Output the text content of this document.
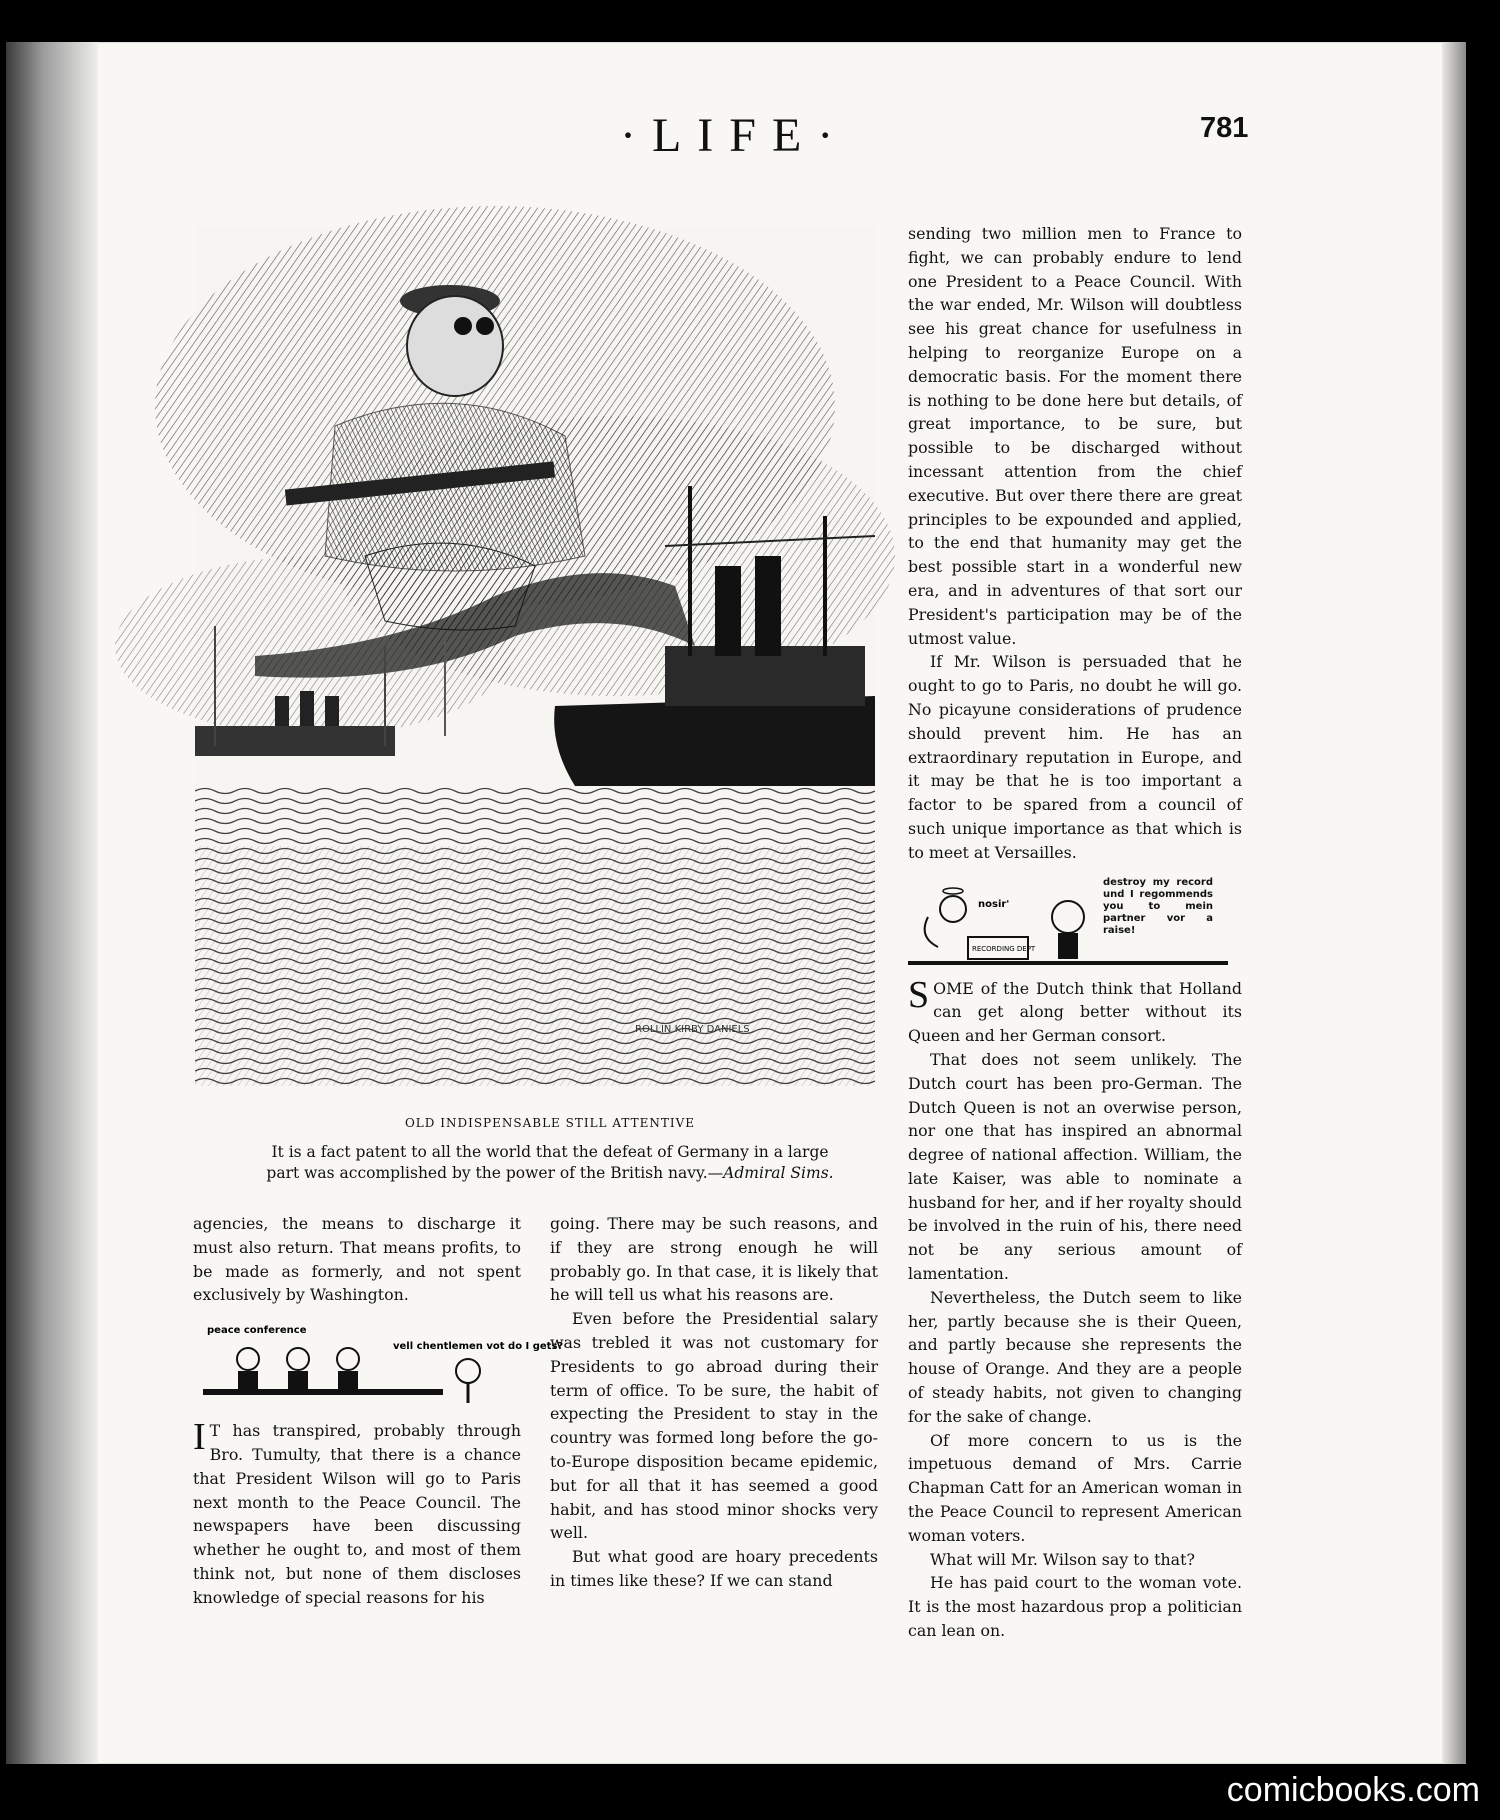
·LIFE·	781
ROLLIN KIRBY DANIELS
OLD INDISPENSABLE STILL ATTENTIVE
It is a fact patent to all the world that the defeat of Germany in a large
part was accomplished by the power of the British navy.—Admiral Sims.

agencies, the means to discharge it must also return. That means profits, to be made as formerly, and not spent exclusively by Washington.

peace conference
vell chentlemen vot do I gets?

I T has transpired, probably through Bro. Tumulty, that there is a chance that President Wilson will go to Paris next month to the Peace Council. The newspapers have been discussing whether he ought to, and most of them think not, but none of them discloses knowledge of special reasons for his

going. There may be such reasons, and if they are strong enough he will probably go. In that case, it is likely that he will tell us what his reasons are.

Even before the Presidential salary was trebled it was not customary for Presidents to go abroad during their term of office. To be sure, the habit of expecting the President to stay in the country was formed long before the go-to-Europe disposition became epidemic, but for all that it has seemed a good habit, and has stood minor shocks very well.

But what good are hoary precedents in times like these? If we can stand

sending two million men to France to fight, we can probably endure to lend one President to a Peace Council. With the war ended, Mr. Wilson will doubtless see his great chance for usefulness in helping to reorganize Europe on a democratic basis. For the moment there is nothing to be done here but details, of great importance, to be sure, but possible to be discharged without incessant attention from the chief executive. But over there there are great principles to be expounded and applied, to the end that humanity may get the best possible start in a wonderful new era, and in adventures of that sort our President's participation may be of the utmost value.

If Mr. Wilson is persuaded that he ought to go to Paris, no doubt he will go. No picayune considerations of prudence should prevent him. He has an extraordinary reputation in Europe, and it may be that he is too important a factor to be spared from a council of such unique importance as that which is to meet at Versailles.

RECORDING DEPT
nosir'
destroy my record und I regommends you to mein partner vor a raise!

SOME of the Dutch think that Holland can get along better without its Queen and her German consort.

That does not seem unlikely. The Dutch court has been pro-German. The Dutch Queen is not an overwise person, nor one that has inspired an abnormal degree of national affection. William, the late Kaiser, was able to nominate a husband for her, and if her royalty should be involved in the ruin of his, there need not be any serious amount of lamentation.

Nevertheless, the Dutch seem to like her, partly because she is their Queen, and partly because she represents the house of Orange. And they are a people of steady habits, not given to changing for the sake of change.

Of more concern to us is the impetuous demand of Mrs. Carrie Chapman Catt for an American woman in the Peace Council to represent American woman voters.

What will Mr. Wilson say to that?

He has paid court to the woman vote. It is the most hazardous prop a politician can lean on.

comicbooks.com
